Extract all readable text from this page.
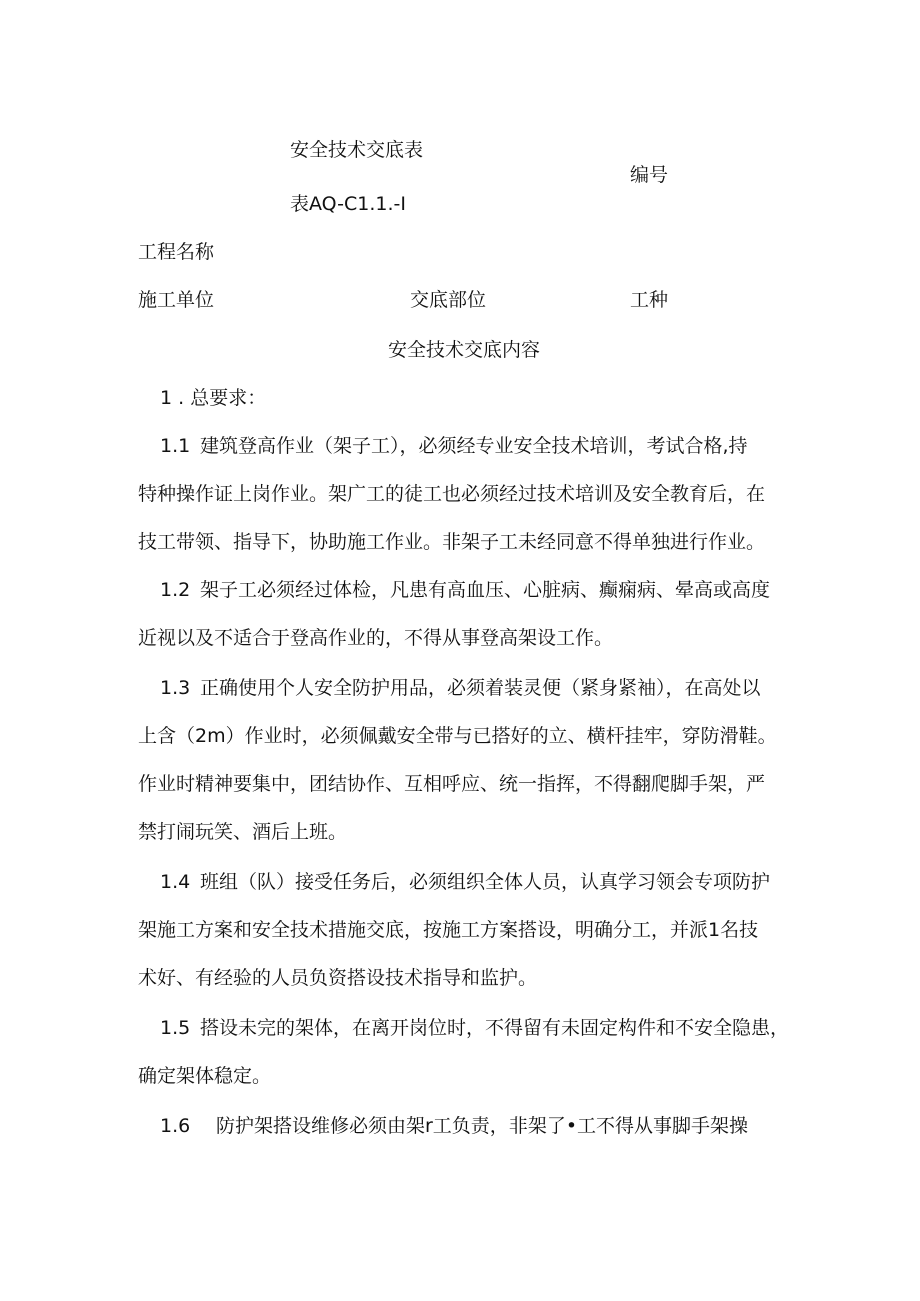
安全技术交底表
编号
表AQ-C1.1.-I
工程名称
施工单位	交底部位	工种
安全技术交底内容
1 . 总要求：
1.1 建筑登高作业（架子工），必须经专业安全技术培训，考试合格,持
特种操作证上岗作业。架广工的徒工也必须经过技术培训及安全教育后，在
技工带领、指导下，协助施工作业。非架子工未经同意不得单独进行作业。
1.2 架子工必须经过体检，凡患有高血压、心脏病、癫痫病、晕高或高度
近视以及不适合于登高作业的，不得从事登高架设工作。
1.3 正确使用个人安全防护用品，必须着装灵便（紧身紧袖），在高处以
上含（2m）作业时，必须佩戴安全带与已搭好的立、横杆挂牢，穿防滑鞋。
作业时精神要集中，团结协作、互相呼应、统一指挥，不得翻爬脚手架，严
禁打闹玩笑、酒后上班。
1.4 班组（队）接受任务后，必须组织全体人员，认真学习领会专项防护
架施工方案和安全技术措施交底，按施工方案搭设，明确分工，并派1名技
术好、有经验的人员负资搭设技术指导和监护。
1.5 搭设未完的架体，在离开岗位时，不得留有未固定构件和不安全隐患，
确定架体稳定。
1.6 防护架搭设维修必须由架r工负责，非架了•工不得从事脚手架操
